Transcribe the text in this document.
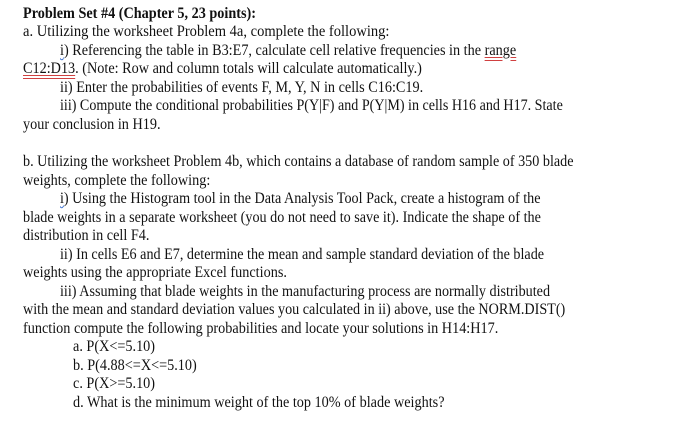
Problem Set #4 (Chapter 5, 23 points):
a. Utilizing the worksheet Problem 4a, complete the following:
i) Referencing the table in B3:E7, calculate cell relative frequencies in the range
C12:D13. (Note: Row and column totals will calculate automatically.)
ii) Enter the probabilities of events F, M, Y, N in cells C16:C19.
iii) Compute the conditional probabilities P(Y|F) and P(Y|M) in cells H16 and H17. State
your conclusion in H19.
b. Utilizing the worksheet Problem 4b, which contains a database of random sample of 350 blade
weights, complete the following:
i) Using the Histogram tool in the Data Analysis Tool Pack, create a histogram of the
blade weights in a separate worksheet (you do not need to save it). Indicate the shape of the
distribution in cell F4.
ii) In cells E6 and E7, determine the mean and sample standard deviation of the blade
weights using the appropriate Excel functions.
iii) Assuming that blade weights in the manufacturing process are normally distributed
with the mean and standard deviation values you calculated in ii) above, use the NORM.DIST()
function compute the following probabilities and locate your solutions in H14:H17.
a. P(X<=5.10)
b. P(4.88<=X<=5.10)
c. P(X>=5.10)
d. What is the minimum weight of the top 10% of blade weights?
